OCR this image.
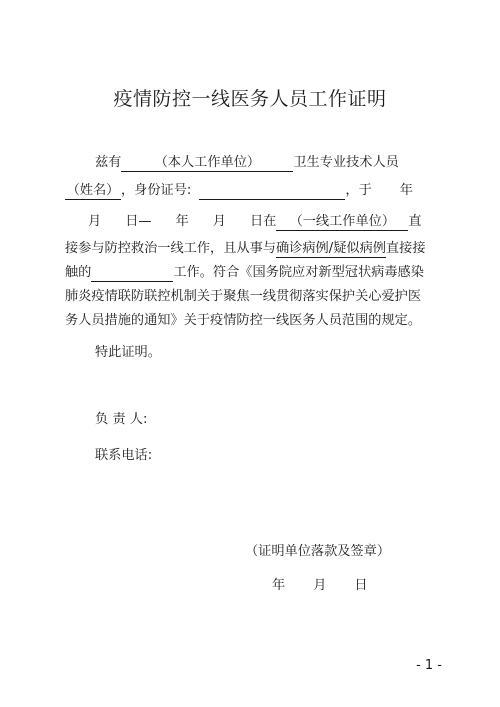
疫情防控一线医务人员工作证明
兹有	（本人工作单位）	卫生专业技术人员
（姓名） ，身份证号:	，于 年
月 日— 年 月 日在 （一线工作单位） 直
接参与防控救治一线工作，且从事与确诊病例/疑似病例直接接
触的	工作。符合《国务院应对新型冠状病毒感染
肺炎疫情联防联控机制关于聚焦一线贯彻落实保护关心爱护医
务人员措施的通知》关于疫情防控一线医务人员范围的规定。
特此证明。
负 责 人:
联系电话:
（证明单位落款及签章）
年 月 日
- 1 -
